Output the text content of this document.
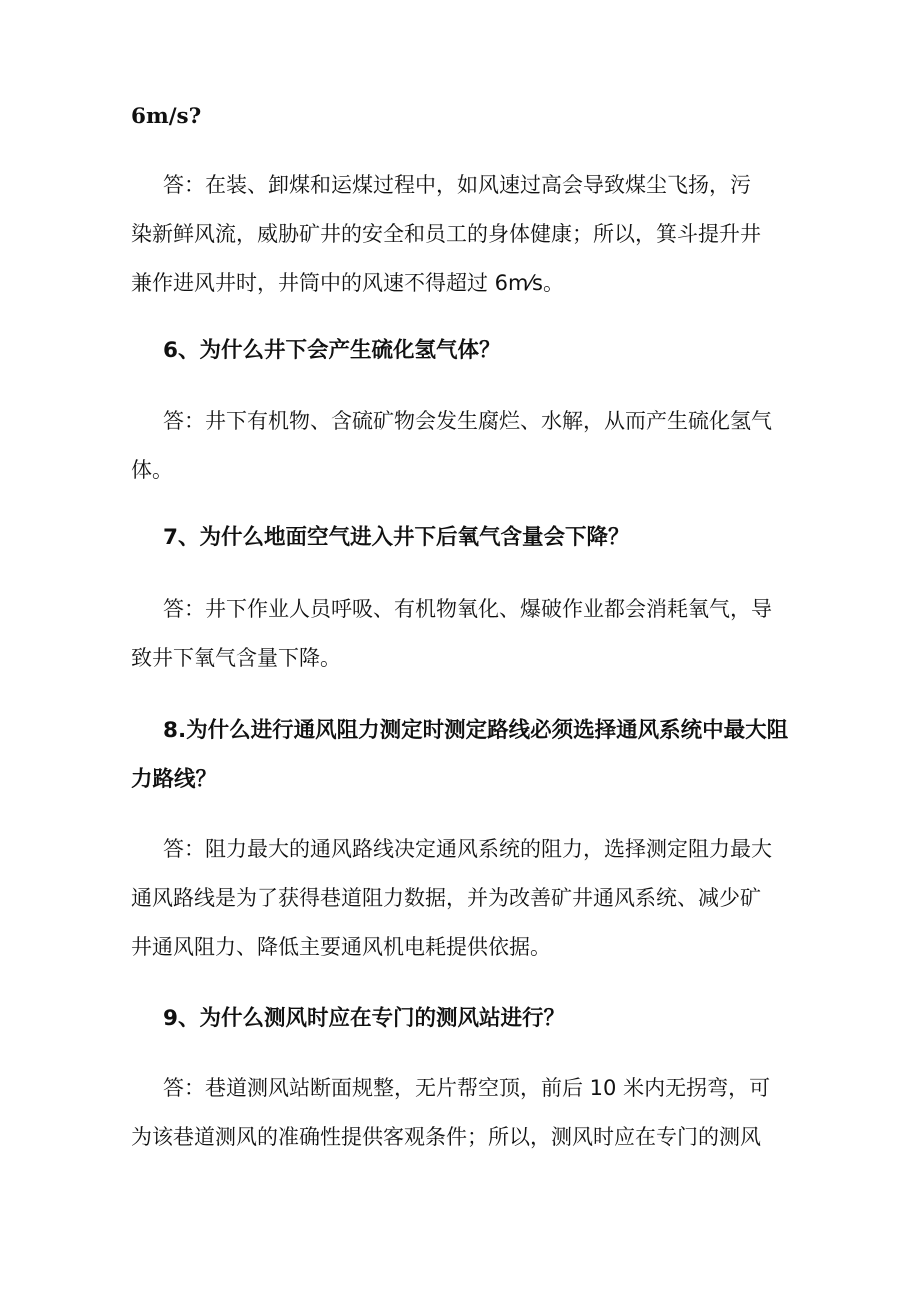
6m/s?
答：在装、卸煤和运煤过程中，如风速过高会导致煤尘飞扬，污
染新鲜风流，威胁矿井的安全和员工的身体健康；所以，箕斗提升井
兼作进风井时，井筒中的风速不得超过 6m⁄s。
6、为什么井下会产生硫化氢气体？
答：井下有机物、含硫矿物会发生腐烂、水解，从而产生硫化氢气
体。
7、为什么地面空气进入井下后氧气含量会下降？
答：井下作业人员呼吸、有机物氧化、爆破作业都会消耗氧气，导
致井下氧气含量下降。
8.为什么进行通风阻力测定时测定路线必须选择通风系统中最大阻
力路线？
答：阻力最大的通风路线决定通风系统的阻力，选择测定阻力最大
通风路线是为了获得巷道阻力数据，并为改善矿井通风系统、减少矿
井通风阻力、降低主要通风机电耗提供依据。
9、为什么测风时应在专门的测风站进行？
答：巷道测风站断面规整，无片帮空顶，前后 10 米内无拐弯，可
为该巷道测风的准确性提供客观条件；所以，测风时应在专门的测风
